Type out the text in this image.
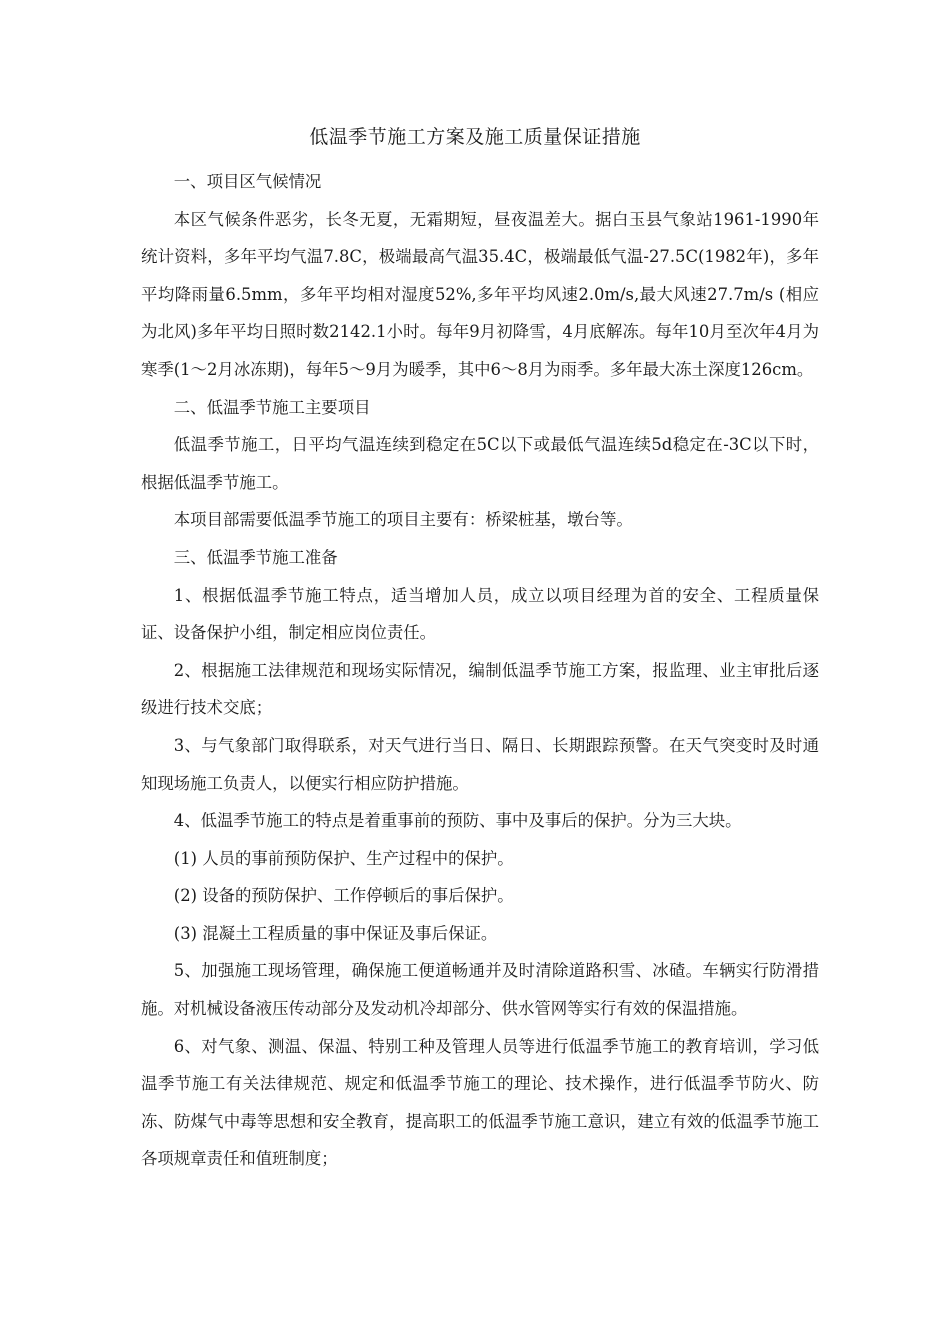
低温季节施工方案及施工质量保证措施

一、项目区气候情况

本区气候条件恶劣，长冬无夏，无霜期短，昼夜温差大。据白玉县气象站1961-1990年统计资料，多年平均气温7.8C，极端最高气温35.4C，极端最低气温-27.5C(1982年)，多年平均降雨量6.5mm，多年平均相对湿度52%,多年平均风速2.0m/s,最大风速27.7m/s (相应为北风)多年平均日照时数2142.1小时。每年9月初降雪，4月底解冻。每年10月至次年4月为寒季(1〜2月冰冻期)，每年5〜9月为暖季，其中6〜8月为雨季。多年最大冻土深度126cm。

二、低温季节施工主要项目

低温季节施工，日平均气温连续到稳定在5C以下或最低气温连续5d稳定在-3C以下时，根据低温季节施工。

本项目部需要低温季节施工的项目主要有：桥梁桩基，墩台等。

三、低温季节施工准备

1、根据低温季节施工特点，适当增加人员，成立以项目经理为首的安全、工程质量保证、设备保护小组，制定相应岗位责任。

2、根据施工法律规范和现场实际情况，编制低温季节施工方案，报监理、业主审批后逐级进行技术交底；

3、与气象部门取得联系，对天气进行当日、隔日、长期跟踪预警。在天气突变时及时通知现场施工负责人，以便实行相应防护措施。

4、低温季节施工的特点是着重事前的预防、事中及事后的保护。分为三大块。

(1) 人员的事前预防保护、生产过程中的保护。

(2) 设备的预防保护、工作停顿后的事后保护。

(3) 混凝土工程质量的事中保证及事后保证。

5、加强施工现场管理，确保施工便道畅通并及时清除道路积雪、冰碴。车辆实行防滑措施。对机械设备液压传动部分及发动机冷却部分、供水管网等实行有效的保温措施。

6、对气象、测温、保温、特别工种及管理人员等进行低温季节施工的教育培训，学习低温季节施工有关法律规范、规定和低温季节施工的理论、技术操作，进行低温季节防火、防冻、防煤气中毒等思想和安全教育，提高职工的低温季节施工意识，建立有效的低温季节施工各项规章责任和值班制度；
